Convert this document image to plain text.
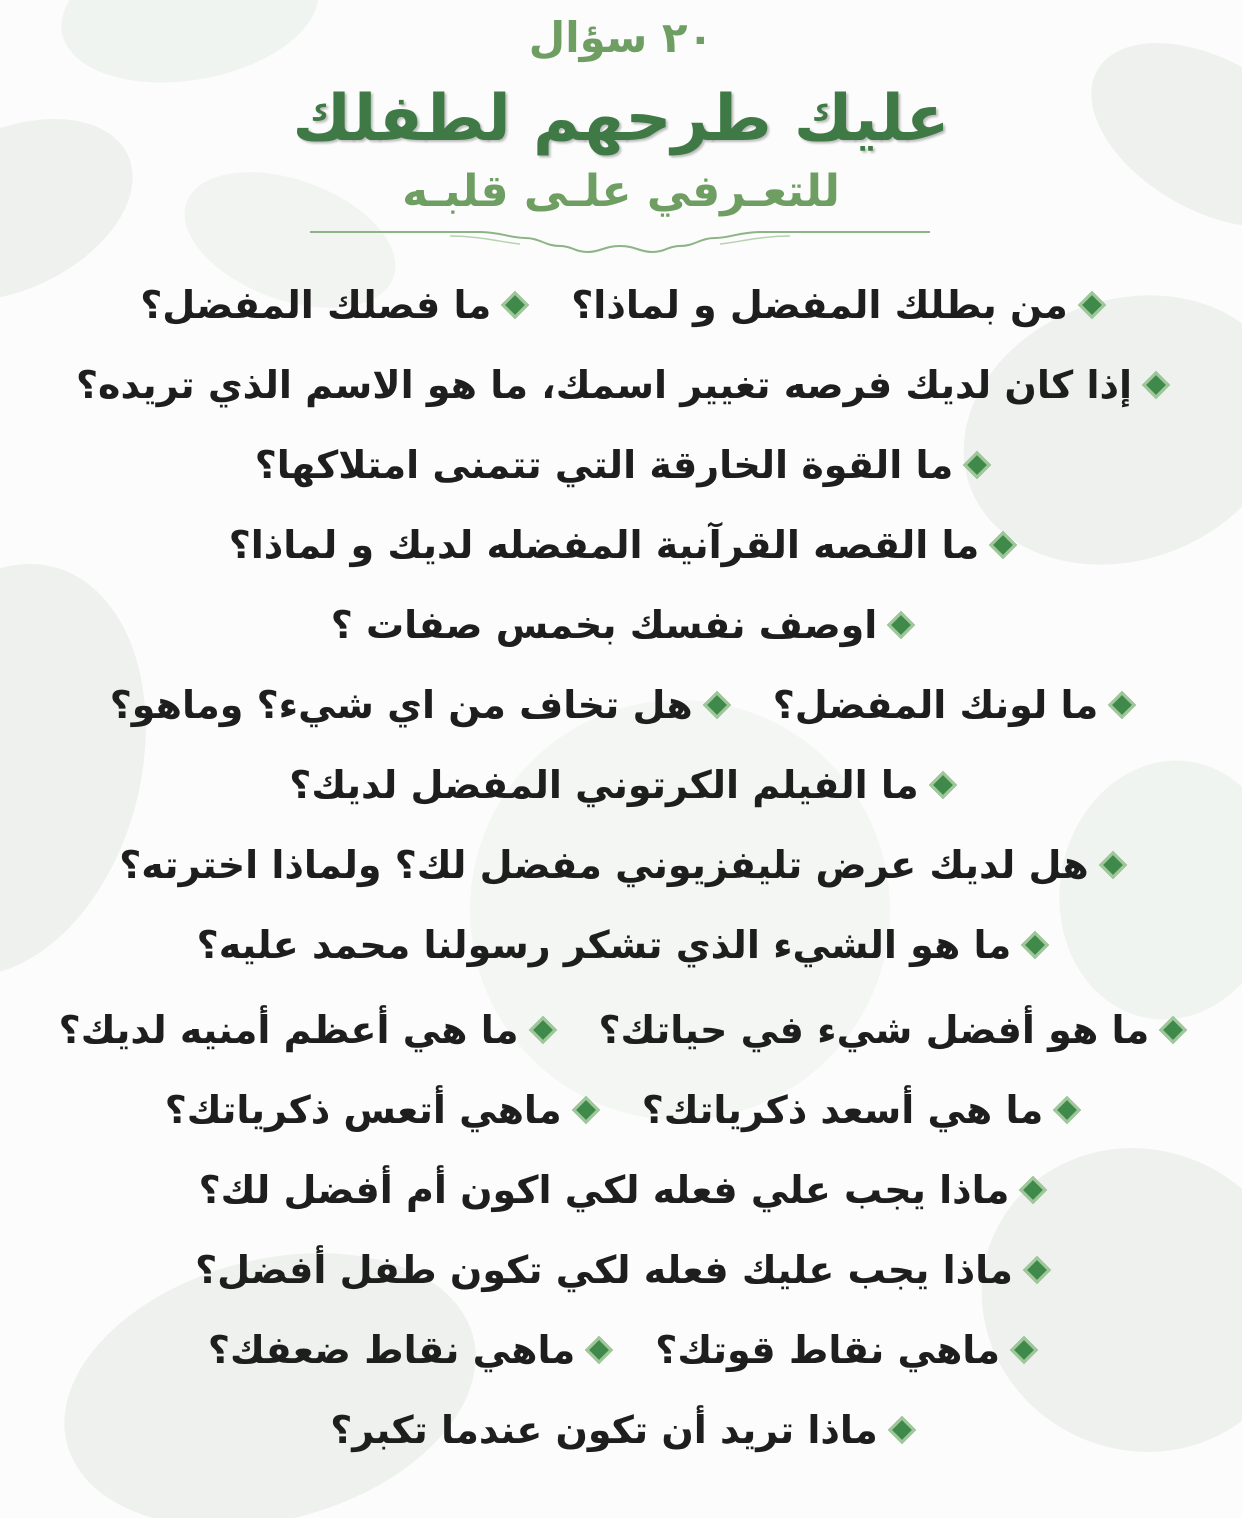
٢٠ سؤال
عليك طرحهم لطفلك
للتعـرفي علـى قلبـه
من بطلك المفضل و لماذا؟
ما فصلك المفضل؟
إذا كان لديك فرصه تغيير اسمك، ما هو الاسم الذي تريده؟
ما القوة الخارقة التي تتمنى امتلاكها؟
ما القصه القرآنية المفضله لديك و لماذا؟
اوصف نفسك بخمس صفات ؟
ما لونك المفضل؟
هل تخاف من اي شيء؟ وماهو؟
ما الفيلم الكرتوني المفضل لديك؟
هل لديك عرض تليفزيوني مفضل لك؟ ولماذا اخترته؟
ما هو الشيء الذي تشكر رسولنا محمد عليه؟
ما هو أفضل شيء في حياتك؟
ما هي أعظم أمنيه لديك؟
ما هي أسعد ذكرياتك؟
ماهي أتعس ذكرياتك؟
ماذا يجب علي فعله لكي اكون أم أفضل لك؟
ماذا يجب عليك فعله لكي تكون طفل أفضل؟
ماهي نقاط قوتك؟
ماهي نقاط ضعفك؟
ماذا تريد أن تكون عندما تكبر؟
